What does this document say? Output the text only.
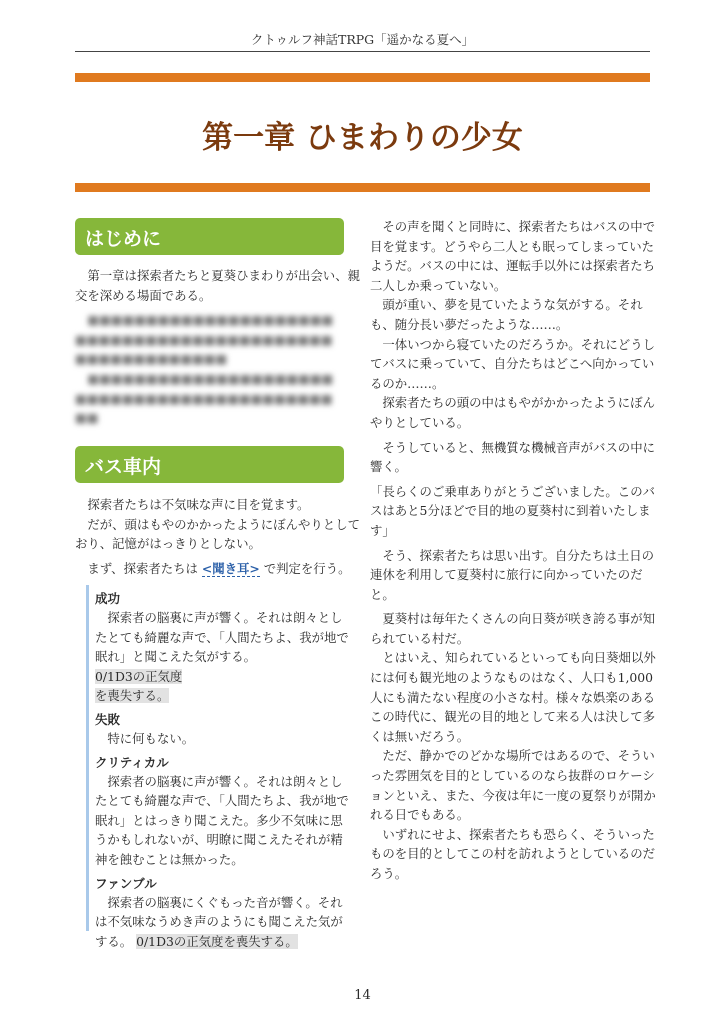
クトゥルフ神話TRPG「遥かなる夏へ」
第一章 ひまわりの少女
はじめに

　第一章は探索者たちと夏葵ひまわりが出会い、親
交を深める場面である。

　■■■■■■■■■■■■■■■■■■■■■
■■■■■■■■■■■■■■■■■■■■■■
■■■■■■■■■■■■■
　■■■■■■■■■■■■■■■■■■■■■
■■■■■■■■■■■■■■■■■■■■■■
■■

バス車内

　探索者たちは不気味な声に目を覚ます。
　だが、頭はもやのかかったようにぼんやりとして
おり、記憶がはっきりとしない。

　まず、探索者たちは <聞き耳> で判定を行う。

成功
　探索者の脳裏に声が響く。それは朗々とし
たとても綺麗な声で、「人間たちよ、我が地で
眠れ」と聞こえた気がする。
0/1D3の正気度
を喪失する。
失敗
　特に何もない。
クリティカル
　探索者の脳裏に声が響く。それは朗々とし
たとても綺麗な声で、「人間たちよ、我が地で
眠れ」とはっきり聞こえた。多少不気味に思
うかもしれないが、明瞭に聞こえたそれが精
神を蝕むことは無かった。
ファンブル
　探索者の脳裏にくぐもった音が響く。それ
は不気味なうめき声のようにも聞こえた気が
する。 0/1D3の正気度を喪失する。

　その声を聞くと同時に、探索者たちはバスの中で
目を覚ます。どうやら二人とも眠ってしまっていた
ようだ。バスの中には、運転手以外には探索者たち
二人しか乗っていない。
　頭が重い、夢を見ていたような気がする。それ
も、随分長い夢だったような……。
　一体いつから寝ていたのだろうか。それにどうし
てバスに乗っていて、自分たちはどこへ向かってい
るのか……。
　探索者たちの頭の中はもやがかかったようにぼん
やりとしている。

　そうしていると、無機質な機械音声がバスの中に
響く。

「長らくのご乗車ありがとうございました。このバ
スはあと5分ほどで目的地の夏葵村に到着いたしま
す」

　そう、探索者たちは思い出す。自分たちは土日の
連休を利用して夏葵村に旅行に向かっていたのだ
と。

　夏葵村は毎年たくさんの向日葵が咲き誇る事が知
られている村だ。
　とはいえ、知られているといっても向日葵畑以外
には何も観光地のようなものはなく、人口も1,000
人にも満たない程度の小さな村。様々な娯楽のある
この時代に、観光の目的地として来る人は決して多
くは無いだろう。
　ただ、静かでのどかな場所ではあるので、そうい
った雰囲気を目的としているのなら抜群のロケーシ
ョンといえ、また、今夜は年に一度の夏祭りが開か
れる日でもある。
　いずれにせよ、探索者たちも恐らく、そういった
ものを目的としてこの村を訪れようとしているのだ
ろう。

14
